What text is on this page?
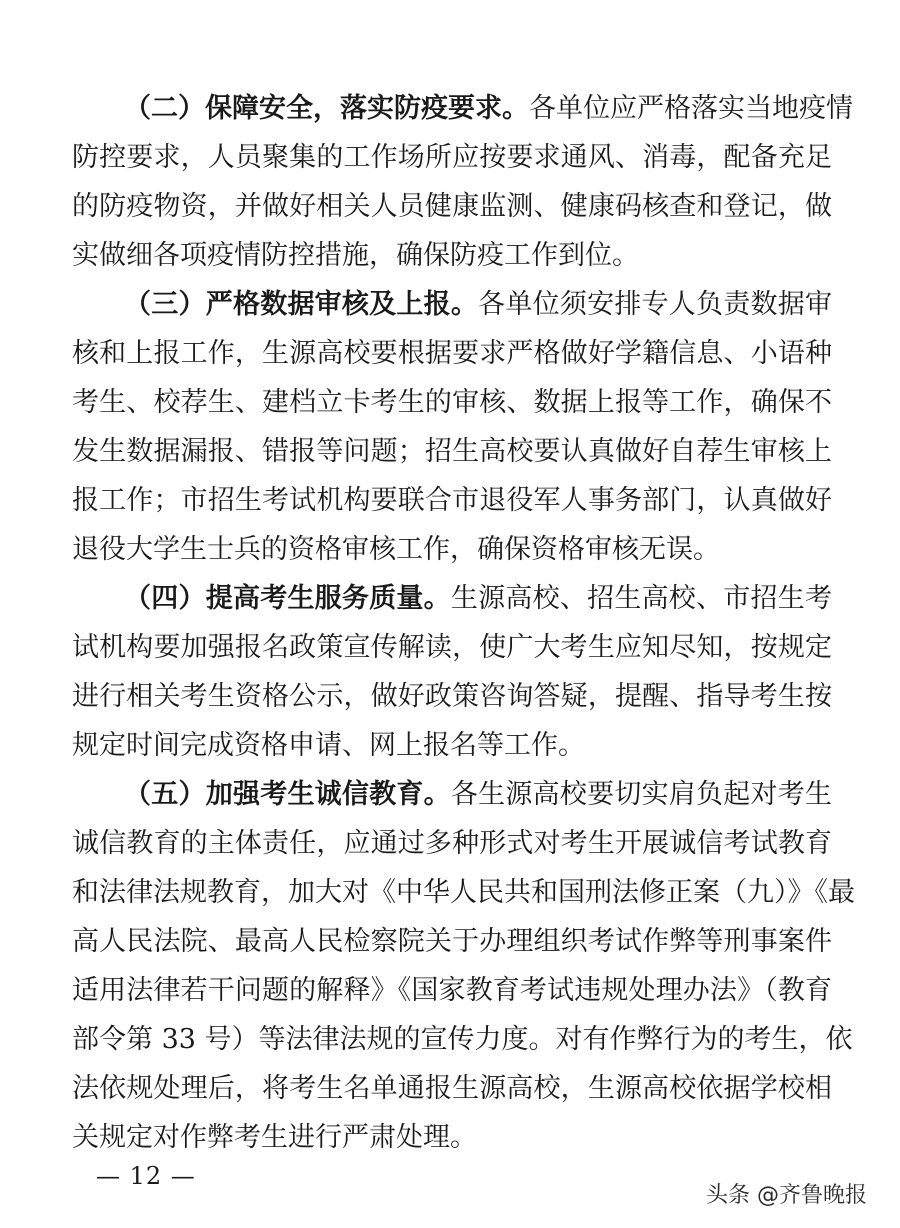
（二）保障安全，落实防疫要求。各单位应严格落实当地疫情
防控要求，人员聚集的工作场所应按要求通风、消毒，配备充足
的防疫物资，并做好相关人员健康监测、健康码核查和登记，做
实做细各项疫情防控措施，确保防疫工作到位。
（三）严格数据审核及上报。各单位须安排专人负责数据审
核和上报工作，生源高校要根据要求严格做好学籍信息、小语种
考生、校荐生、建档立卡考生的审核、数据上报等工作，确保不
发生数据漏报、错报等问题；招生高校要认真做好自荐生审核上
报工作；市招生考试机构要联合市退役军人事务部门，认真做好
退役大学生士兵的资格审核工作，确保资格审核无误。
（四）提高考生服务质量。生源高校、招生高校、市招生考
试机构要加强报名政策宣传解读，使广大考生应知尽知，按规定
进行相关考生资格公示，做好政策咨询答疑，提醒、指导考生按
规定时间完成资格申请、网上报名等工作。
（五）加强考生诚信教育。各生源高校要切实肩负起对考生
诚信教育的主体责任，应通过多种形式对考生开展诚信考试教育
和法律法规教育，加大对《中华人民共和国刑法修正案（九）》《最
高人民法院、最高人民检察院关于办理组织考试作弊等刑事案件
适用法律若干问题的解释》《国家教育考试违规处理办法》（教育
部令第 33 号）等法律法规的宣传力度。对有作弊行为的考生，依
法依规处理后，将考生名单通报生源高校，生源高校依据学校相
关规定对作弊考生进行严肃处理。
— 12 —
头条 @齐鲁晚报
